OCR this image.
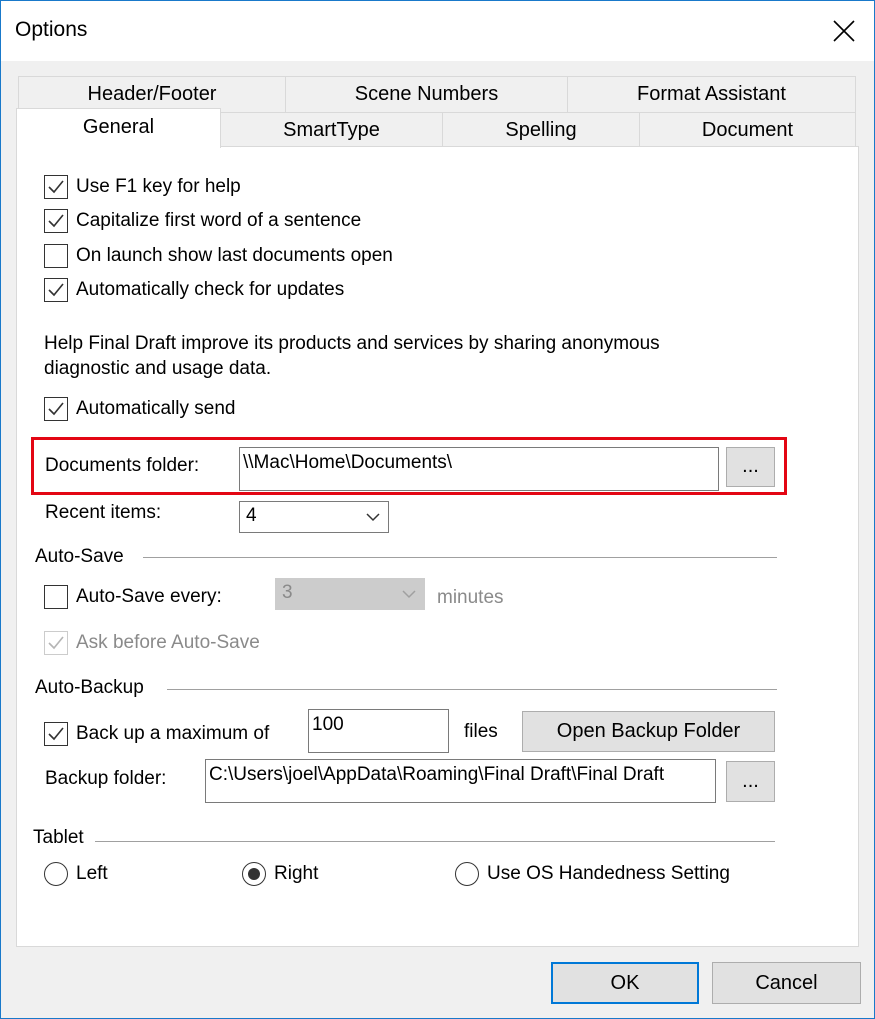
Options
Header/Footer	Scene Numbers	Format Assistant
SmartType	Spelling	Document
General
Use F1 key for help
Capitalize first word of a sentence
On launch show last documents open
Automatically check for updates
Help Final Draft improve its products and services by sharing anonymous
diagnostic and usage data.
Automatically send
Documents folder: \\Mac\Home\Documents\	...
Recent items:	4
Auto-Save
Auto-Save every:	3	minutes
Ask before Auto-Save
Auto-Backup
Back up a maximum of 100	files	Open Backup Folder
Backup folder: C:\Users\joel\AppData\Roaming\Final Draft\Final Draft	...
Tablet
Left	Right	Use OS Handedness Setting
OK	Cancel
